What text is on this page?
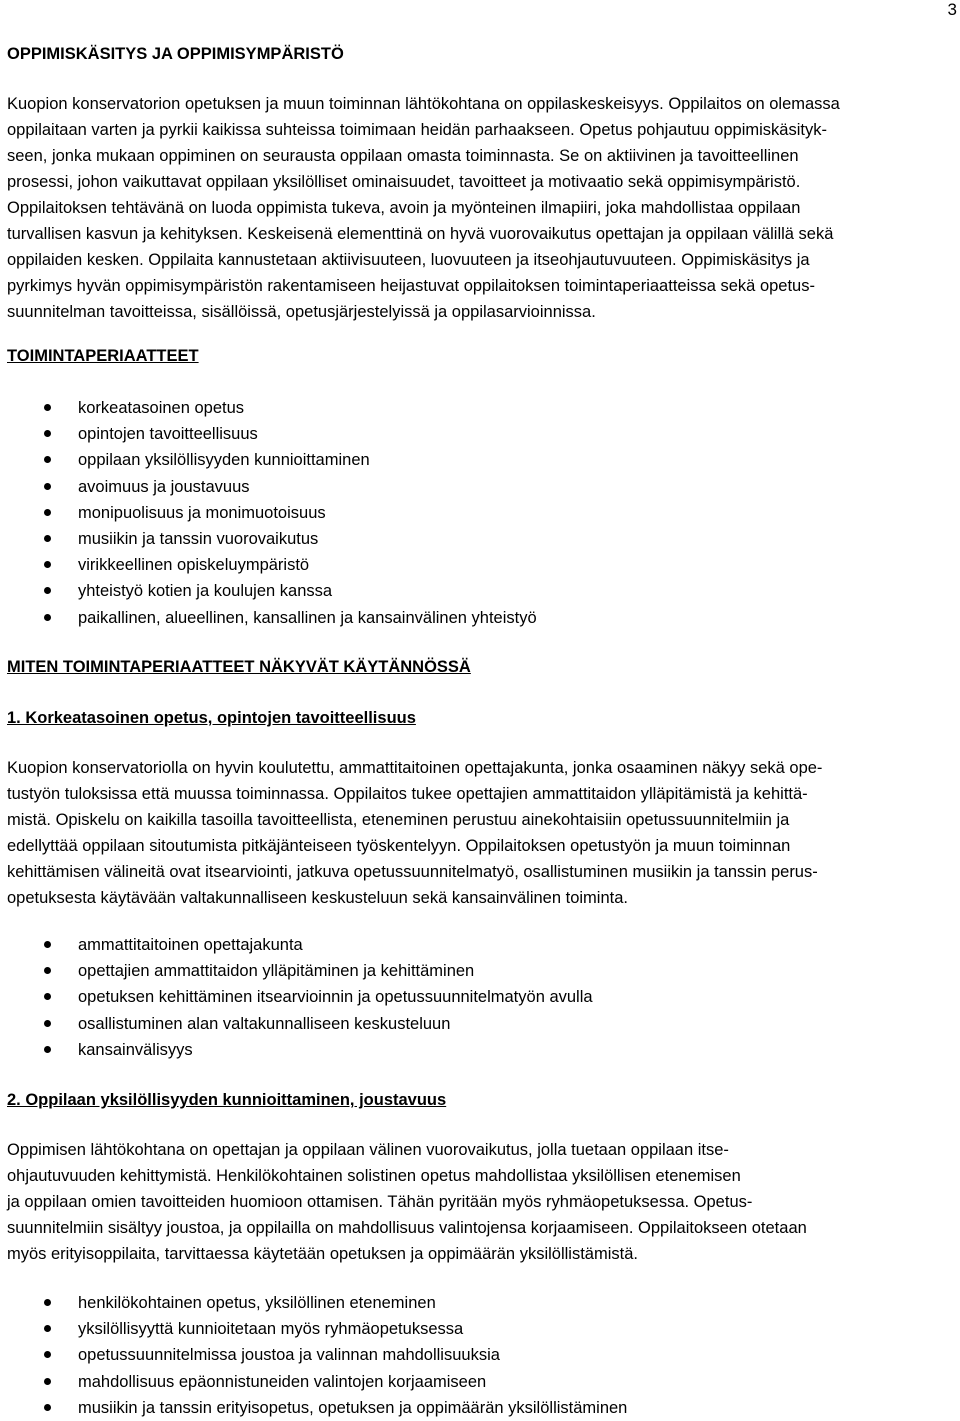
3
OPPIMISKÄSITYS JA OPPIMISYMPÄRISTÖ
Kuopion konservatorion opetuksen ja muun toiminnan lähtökohtana on oppilaskeskeisyys. Oppilaitos on olemassa
oppilaitaan varten ja pyrkii kaikissa suhteissa toimimaan heidän parhaakseen. Opetus pohjautuu oppimiskäsityk-
seen, jonka mukaan oppiminen on seurausta oppilaan omasta toiminnasta. Se on aktiivinen ja tavoitteellinen
prosessi, johon vaikuttavat oppilaan yksilölliset ominaisuudet, tavoitteet ja motivaatio sekä oppimisympäristö.
Oppilaitoksen tehtävänä on luoda oppimista tukeva, avoin ja myönteinen ilmapiiri, joka mahdollistaa oppilaan
turvallisen kasvun ja kehityksen. Keskeisenä elementtinä on hyvä vuorovaikutus opettajan ja oppilaan välillä sekä
oppilaiden kesken. Oppilaita kannustetaan aktiivisuuteen, luovuuteen ja itseohjautuvuuteen. Oppimiskäsitys ja
pyrkimys hyvän oppimisympäristön rakentamiseen heijastuvat oppilaitoksen toimintaperiaatteissa sekä opetus-
suunnitelman tavoitteissa, sisällöissä, opetusjärjestelyissä ja oppilasarvioinnissa.
TOIMINTAPERIAATTEET
korkeatasoinen opetus
opintojen tavoitteellisuus
oppilaan yksilöllisyyden kunnioittaminen
avoimuus ja joustavuus
monipuolisuus ja monimuotoisuus
musiikin ja tanssin vuorovaikutus
virikkeellinen opiskeluympäristö
yhteistyö kotien ja koulujen kanssa
paikallinen, alueellinen, kansallinen ja kansainvälinen yhteistyö
MITEN TOIMINTAPERIAATTEET NÄKYVÄT KÄYTÄNNÖSSÄ
1. Korkeatasoinen opetus, opintojen tavoitteellisuus
Kuopion konservatoriolla on hyvin koulutettu, ammattitaitoinen opettajakunta, jonka osaaminen näkyy sekä ope-
tustyön tuloksissa että muussa toiminnassa. Oppilaitos tukee opettajien ammattitaidon ylläpitämistä ja kehittä-
mistä. Opiskelu on kaikilla tasoilla tavoitteellista, eteneminen perustuu ainekohtaisiin opetussuunnitelmiin ja
edellyttää oppilaan sitoutumista pitkäjänteiseen työskentelyyn. Oppilaitoksen opetustyön ja muun toiminnan
kehittämisen välineitä ovat itsearviointi, jatkuva opetussuunnitelmatyö, osallistuminen musiikin ja tanssin perus-
opetuksesta käytävään valtakunnalliseen keskusteluun sekä kansainvälinen toiminta.
ammattitaitoinen opettajakunta
opettajien ammattitaidon ylläpitäminen ja kehittäminen
opetuksen kehittäminen itsearvioinnin ja opetussuunnitelmatyön avulla
osallistuminen alan valtakunnalliseen keskusteluun
kansainvälisyys
2. Oppilaan yksilöllisyyden kunnioittaminen, joustavuus
Oppimisen lähtökohtana on opettajan ja oppilaan välinen vuorovaikutus, jolla tuetaan oppilaan itse-
ohjautuvuuden kehittymistä. Henkilökohtainen solistinen opetus mahdollistaa yksilöllisen etenemisen
ja oppilaan omien tavoitteiden huomioon ottamisen. Tähän pyritään myös ryhmäopetuksessa. Opetus-
suunnitelmiin sisältyy joustoa, ja oppilailla on mahdollisuus valintojensa korjaamiseen. Oppilaitokseen otetaan
myös erityisoppilaita, tarvittaessa käytetään opetuksen ja oppimäärän yksilöllistämistä.
henkilökohtainen opetus, yksilöllinen eteneminen
yksilöllisyyttä kunnioitetaan myös ryhmäopetuksessa
opetussuunnitelmissa joustoa ja valinnan mahdollisuuksia
mahdollisuus epäonnistuneiden valintojen korjaamiseen
musiikin ja tanssin erityisopetus, opetuksen ja oppimäärän yksilöllistäminen
